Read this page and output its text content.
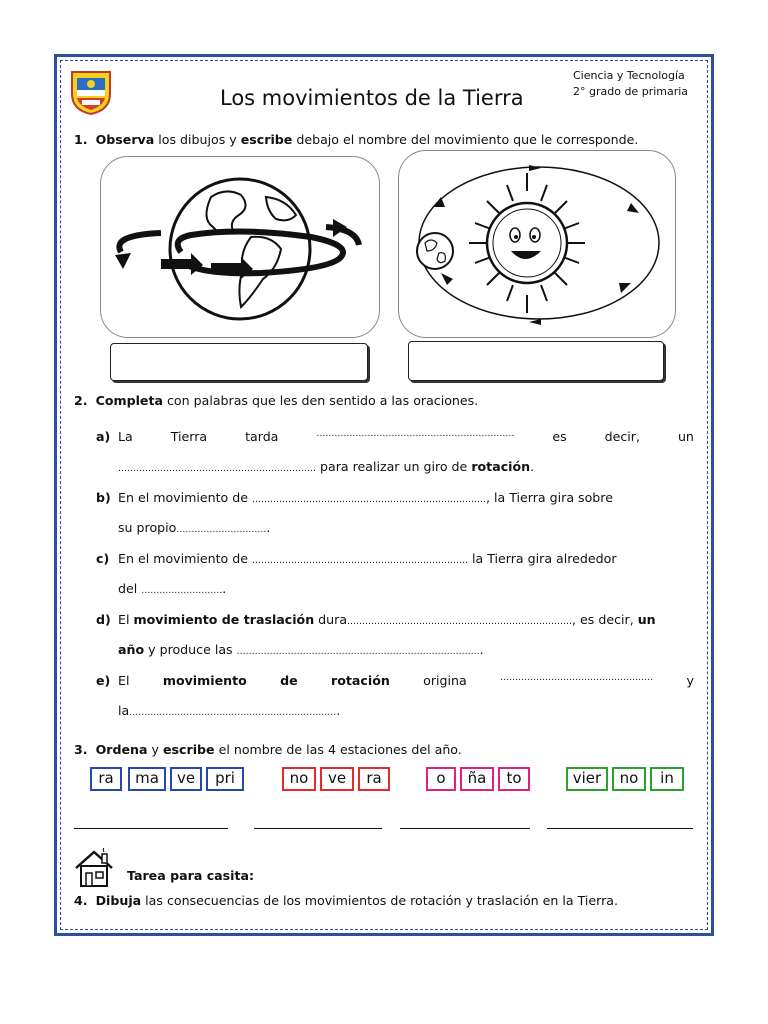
Los movimientos de la Tierra
Ciencia y Tecnología
2° grado de primaria
1. Observa los dibujos y escribe debajo el nombre del movimiento que le corresponde.
2. Completa con palabras que les den sentido a las oraciones.
a) La	Tierra	tarda	…………………………………………………………	es	decir,	un
………………………………………………………… para realizar un giro de rotación.
b) En el movimiento de ……………………………………………………………………, la Tierra gira sobre
su propio………………………….
c) En el movimiento de ……………………………………………………………… la Tierra gira alrededor
del ……………………….
d) El movimiento de traslación dura…………………………………………………………………, es decir, un
año y produce las ……………………………………………………………………….
e) El	movimiento	de	rotación	origina	……………………………………………	y
la…………………………………………………………….
3. Ordena y escribe el nombre de las 4 estaciones del año.
ra	ma	ve	pri	no	ve	ra	o	ña	to	vier	no	in
Tarea para casita:
4. Dibuja las consecuencias de los movimientos de rotación y traslación en la Tierra.
